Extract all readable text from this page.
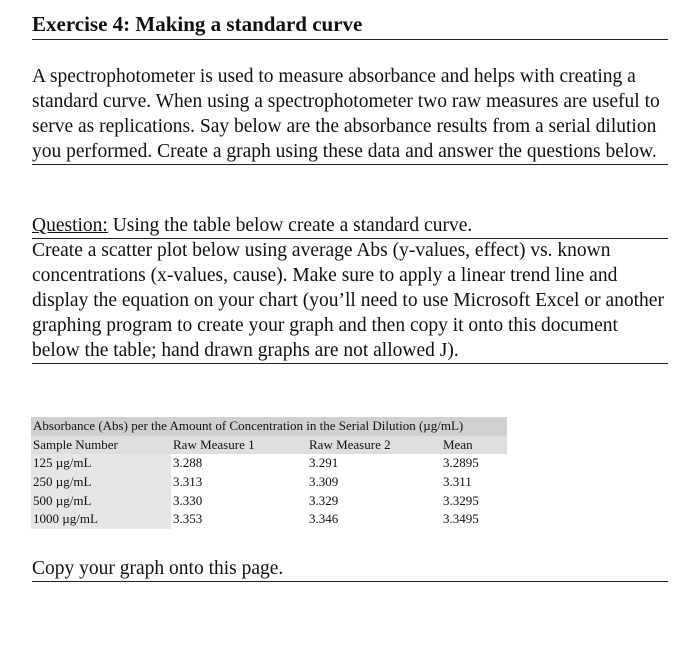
Exercise 4: Making a standard curve
A spectrophotometer is used to measure absorbance and helps with creating a standard curve. When using a spectrophotometer two raw measures are useful to serve as replications. Say below are the absorbance results from a serial dilution you performed. Create a graph using these data and answer the questions below.
Question: Using the table below create a standard curve.
Create a scatter plot below using average Abs (y-values, effect) vs. known concentrations (x-values, cause). Make sure to apply a linear trend line and display the equation on your chart (you’ll need to use Microsoft Excel or another graphing program to create your graph and then copy it onto this document below the table; hand drawn graphs are not allowed J).
Absorbance (Abs) per the Amount of Concentration in the Serial Dilution (µg/mL)			
Sample Number	Raw Measure 1	Raw Measure 2	Mean
125 µg/mL	3.288	3.291	3.2895
250 µg/mL	3.313	3.309	3.311
500 µg/mL	3.330	3.329	3.3295
1000 µg/mL	3.353	3.346	3.3495
Copy your graph onto this page.
